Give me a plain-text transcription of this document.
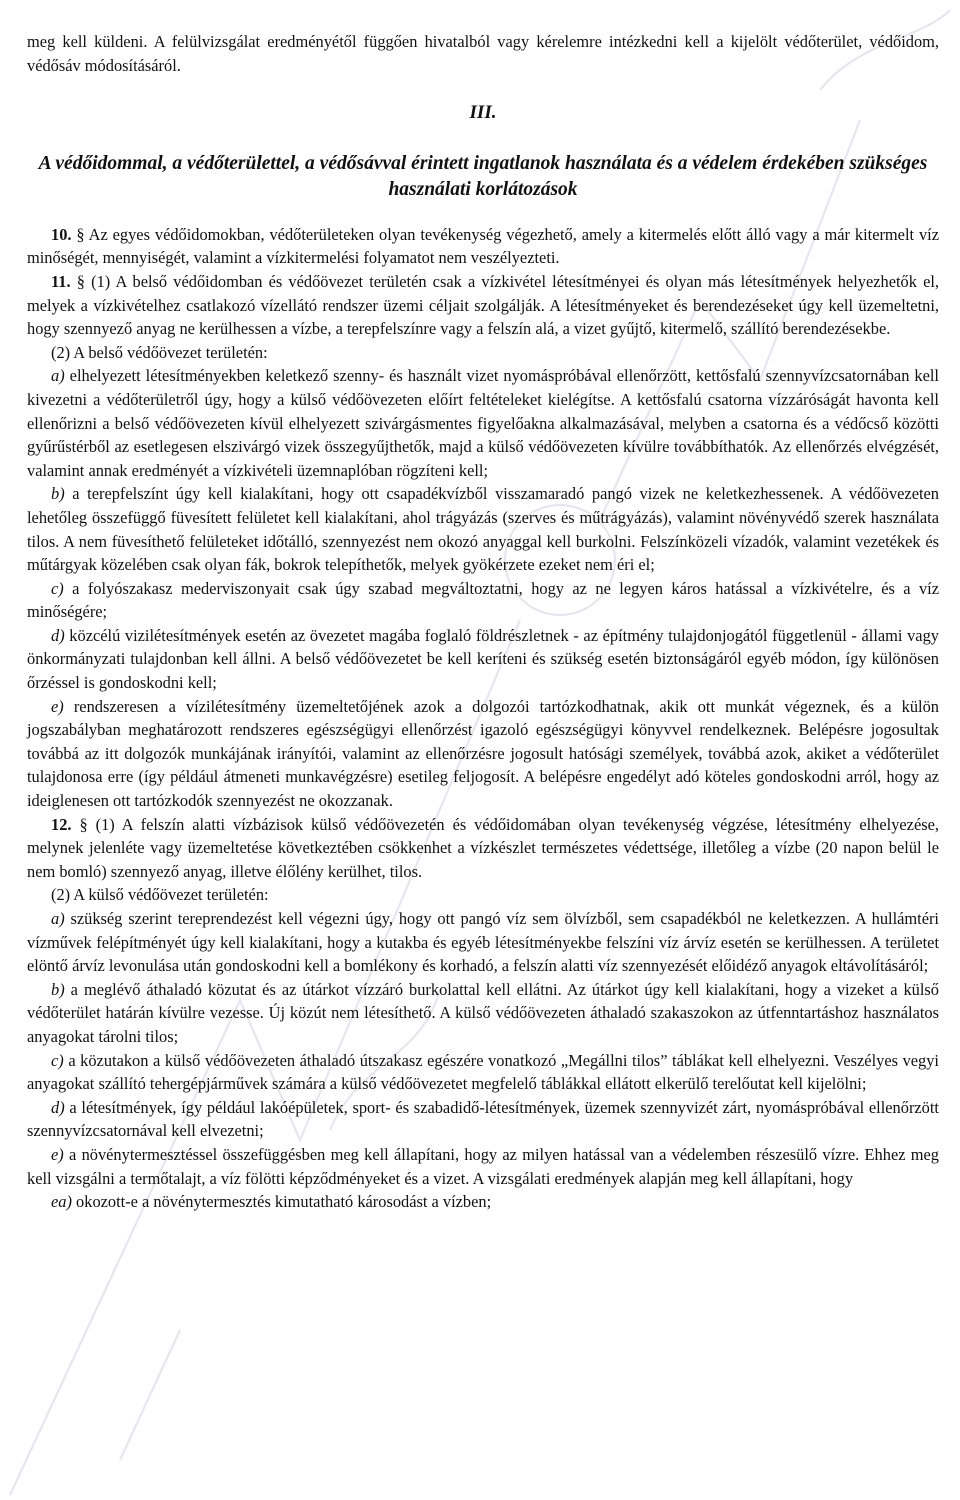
meg kell küldeni. A felülvizsgálat eredményétől függően hivatalból vagy kérelemre intézkedni kell a kijelölt védőterület, védőidom, védősáv módosításáról.

III.
A védőidommal, a védőterülettel, a védősávval érintett ingatlanok használata és a védelem érdekében szükséges használati korlátozások

10. § Az egyes védőidomokban, védőterületeken olyan tevékenység végezhető, amely a kitermelés előtt álló vagy a már kitermelt víz minőségét, mennyiségét, valamint a vízkitermelési folyamatot nem veszélyezteti.

11. § (1) A belső védőidomban és védőövezet területén csak a vízkivétel létesítményei és olyan más létesítmények helyezhetők el, melyek a vízkivételhez csatlakozó vízellátó rendszer üzemi céljait szolgálják. A létesítményeket és berendezéseket úgy kell üzemeltetni, hogy szennyező anyag ne kerülhessen a vízbe, a terepfelszínre vagy a felszín alá, a vizet gyűjtő, kitermelő, szállító berendezésekbe.

(2) A belső védőövezet területén:

a) elhelyezett létesítményekben keletkező szenny- és használt vizet nyomáspróbával ellenőrzött, kettősfalú szennyvízcsatornában kell kivezetni a védőterületről úgy, hogy a külső védőövezeten előírt feltételeket kielégítse. A kettősfalú csatorna vízzáróságát havonta kell ellenőrizni a belső védőövezeten kívül elhelyezett szivárgásmentes figyelőakna alkalmazásával, melyben a csatorna és a védőcső közötti gyűrűstérből az esetlegesen elszivárgó vizek összegyűjthetők, majd a külső védőövezeten kívülre továbbíthatók. Az ellenőrzés elvégzését, valamint annak eredményét a vízkivételi üzemnaplóban rögzíteni kell;

b) a terepfelszínt úgy kell kialakítani, hogy ott csapadékvízből visszamaradó pangó vizek ne keletkezhessenek. A védőövezeten lehetőleg összefüggő füvesített felületet kell kialakítani, ahol trágyázás (szerves és műtrágyázás), valamint növényvédő szerek használata tilos. A nem füvesíthető felületeket időtálló, szennyezést nem okozó anyaggal kell burkolni. Felszínközeli vízadók, valamint vezetékek és műtárgyak közelében csak olyan fák, bokrok telepíthetők, melyek gyökérzete ezeket nem éri el;

c) a folyószakasz mederviszonyait csak úgy szabad megváltoztatni, hogy az ne legyen káros hatással a vízkivételre, és a víz minőségére;

d) közcélú vizilétesítmények esetén az övezetet magába foglaló földrészletnek - az építmény tulajdonjogától függetlenül - állami vagy önkormányzati tulajdonban kell állni. A belső védőövezetet be kell keríteni és szükség esetén biztonságáról egyéb módon, így különösen őrzéssel is gondoskodni kell;

e) rendszeresen a vízilétesítmény üzemeltetőjének azok a dolgozói tartózkodhatnak, akik ott munkát végeznek, és a külön jogszabályban meghatározott rendszeres egészségügyi ellenőrzést igazoló egészségügyi könyvvel rendelkeznek. Belépésre jogosultak továbbá az itt dolgozók munkájának irányítói, valamint az ellenőrzésre jogosult hatósági személyek, továbbá azok, akiket a védőterület tulajdonosa erre (így például átmeneti munkavégzésre) esetileg feljogosít. A belépésre engedélyt adó köteles gondoskodni arról, hogy az ideiglenesen ott tartózkodók szennyezést ne okozzanak.

12. § (1) A felszín alatti vízbázisok külső védőövezetén és védőidomában olyan tevékenység végzése, létesítmény elhelyezése, melynek jelenléte vagy üzemeltetése következtében csökkenhet a vízkészlet természetes védettsége, illetőleg a vízbe (20 napon belül le nem bomló) szennyező anyag, illetve élőlény kerülhet, tilos.

(2) A külső védőövezet területén:

a) szükség szerint tereprendezést kell végezni úgy, hogy ott pangó víz sem ölvízből, sem csapadékból ne keletkezzen. A hullámtéri vízművek felépítményét úgy kell kialakítani, hogy a kutakba és egyéb létesítményekbe felszíni víz árvíz esetén se kerülhessen. A területet elöntő árvíz levonulása után gondoskodni kell a bomlékony és korhadó, a felszín alatti víz szennyezését előidéző anyagok eltávolításáról;

b) a meglévő áthaladó közutat és az útárkot vízzáró burkolattal kell ellátni. Az útárkot úgy kell kialakítani, hogy a vizeket a külső védőterület határán kívülre vezesse. Új közút nem létesíthető. A külső védőövezeten áthaladó szakaszokon az útfenntartáshoz használatos anyagokat tárolni tilos;

c) a közutakon a külső védőövezeten áthaladó útszakasz egészére vonatkozó „Megállni tilos” táblákat kell elhelyezni. Veszélyes vegyi anyagokat szállító tehergépjárművek számára a külső védőövezetet megfelelő táblákkal ellátott elkerülő terelőutat kell kijelölni;

d) a létesítmények, így például lakóépületek, sport- és szabadidő-létesítmények, üzemek szennyvizét zárt, nyomáspróbával ellenőrzött szennyvízcsatornával kell elvezetni;

e) a növénytermesztéssel összefüggésben meg kell állapítani, hogy az milyen hatással van a védelemben részesülő vízre. Ehhez meg kell vizsgálni a termőtalajt, a víz fölötti képződményeket és a vizet. A vizsgálati eredmények alapján meg kell állapítani, hogy

ea) okozott-e a növénytermesztés kimutatható károsodást a vízben;
